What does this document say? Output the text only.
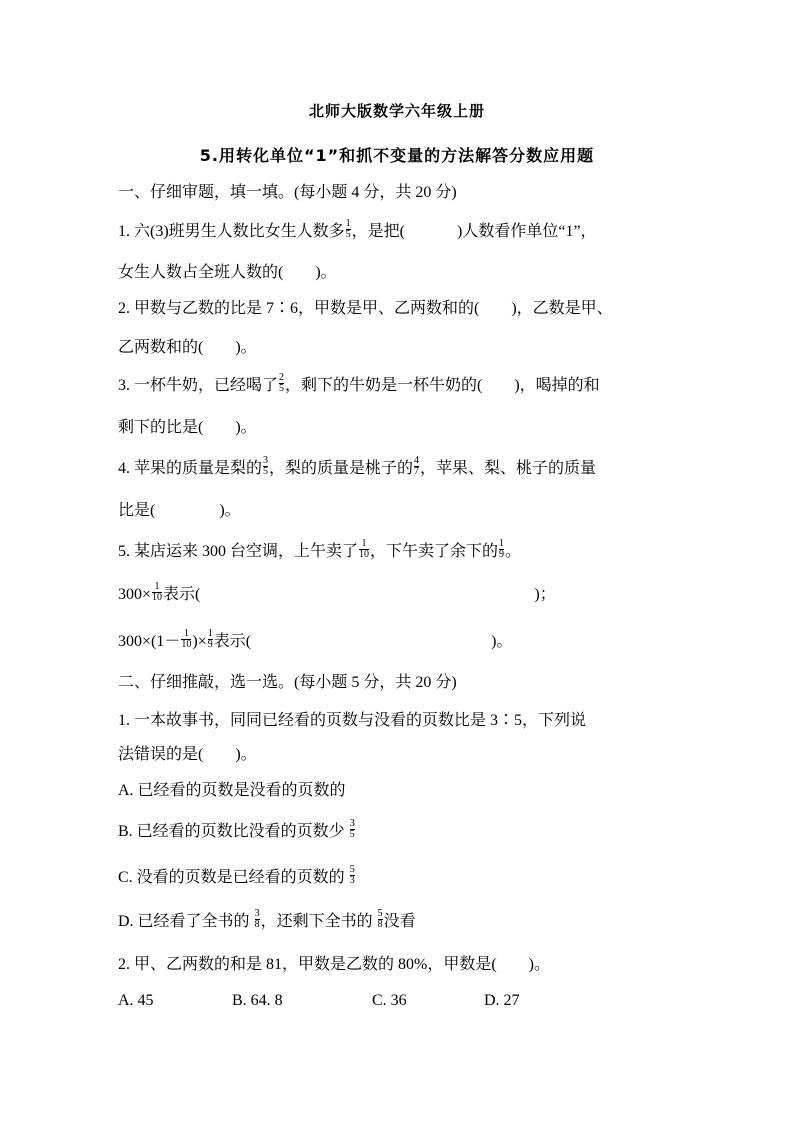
北师大版数学六年级上册
5.用转化单位“1”和抓不变量的方法解答分数应用题
一、仔细审题，填一填。(每小题 4 分，共 20 分)
1. 六(3)班男生人数比女生人数多 $\frac{1}{5}$ ，是把(	)人数看作单位“1”，
女生人数占全班人数的(　　)。
2. 甲数与乙数的比是 7∶6，甲数是甲、乙两数和的(　　)，乙数是甲、
乙两数和的(　　)。
3. 一杯牛奶，已经喝了 $\frac{2}{5}$ ，剩下的牛奶是一杯牛奶的(　　)，喝掉的和
剩下的比是(　　)。
4. 苹果的质量是梨的 $\frac{3}{5}$ ，梨的质量是桃子的 $\frac{4}{7}$ ，苹果、梨、桃子的质量
比是(　　　　)。
5. 某店运来 300 台空调，上午卖了 $\frac{1}{10}$ ，下午卖了余下的 $\frac{1}{9}$ 。
$300\times \frac{1}{10}$ 表示(	)；
$300\times(1- \frac{1}{10}$ )× $\frac{1}{9}$ 表示(	)。
二、仔细推敲，选一选。(每小题 5 分，共 20 分)
1. 一本故事书，同同已经看的页数与没看的页数比是 3∶5，下列说
法错误的是(　　)。
A. 已经看的页数是没看的页数的
B. 已经看的页数比没看的页数少 $\frac{3}{5}$
C. 没看的页数是已经看的页数的 $\frac{5}{3}$
D. 已经看了全书的 $\frac{3}{8}$ ，还剩下全书的 $\frac{5}{8}$ 没看
2. 甲、乙两数的和是 81，甲数是乙数的 80%，甲数是(　　)。
A. 45	B. 64. 8	C. 36	D. 27
